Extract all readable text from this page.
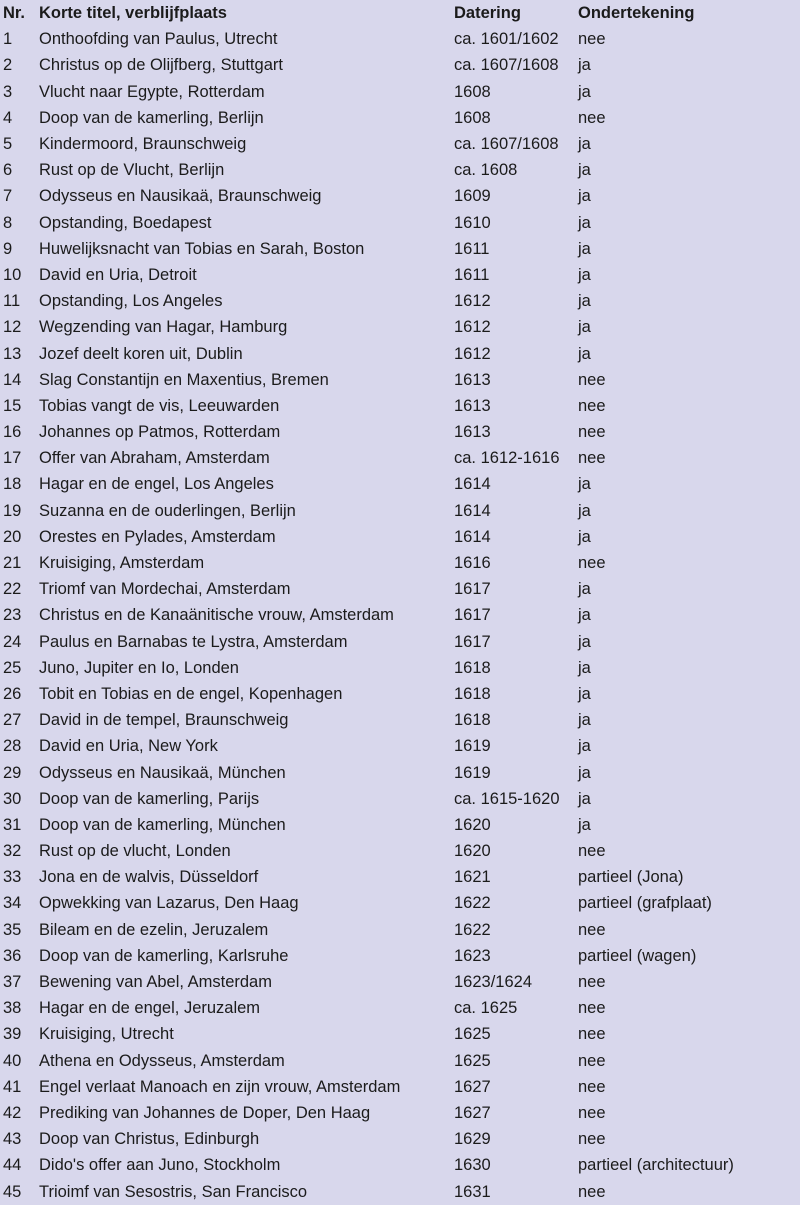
Nr.	Korte titel, verblijfplaats	Datering	Ondertekening
1	Onthoofding van Paulus, Utrecht	ca. 1601/1602	nee
2	Christus op de Olijfberg, Stuttgart	ca. 1607/1608	ja
3	Vlucht naar Egypte, Rotterdam	1608	ja
4	Doop van de kamerling, Berlijn	1608	nee
5	Kindermoord, Braunschweig	ca. 1607/1608	ja
6	Rust op de Vlucht, Berlijn	ca. 1608	ja
7	Odysseus en Nausikaä, Braunschweig	1609	ja
8	Opstanding, Boedapest	1610	ja
9	Huwelijksnacht van Tobias en Sarah, Boston	1611	ja
10	David en Uria, Detroit	1611	ja
11	Opstanding, Los Angeles	1612	ja
12	Wegzending van Hagar, Hamburg	1612	ja
13	Jozef deelt koren uit, Dublin	1612	ja
14	Slag Constantijn en Maxentius, Bremen	1613	nee
15	Tobias vangt de vis, Leeuwarden	1613	nee
16	Johannes op Patmos, Rotterdam	1613	nee
17	Offer van Abraham, Amsterdam	ca. 1612-1616	nee
18	Hagar en de engel, Los Angeles	1614	ja
19	Suzanna en de ouderlingen, Berlijn	1614	ja
20	Orestes en Pylades, Amsterdam	1614	ja
21	Kruisiging, Amsterdam	1616	nee
22	Triomf van Mordechai, Amsterdam	1617	ja
23	Christus en de Kanaänitische vrouw, Amsterdam	1617	ja
24	Paulus en Barnabas te Lystra, Amsterdam	1617	ja
25	Juno, Jupiter en Io, Londen	1618	ja
26	Tobit en Tobias en de engel, Kopenhagen	1618	ja
27	David in de tempel, Braunschweig	1618	ja
28	David en Uria, New York	1619	ja
29	Odysseus en Nausikaä, München	1619	ja
30	Doop van de kamerling, Parijs	ca. 1615-1620	ja
31	Doop van de kamerling, München	1620	ja
32	Rust op de vlucht, Londen	1620	nee
33	Jona en de walvis, Düsseldorf	1621	partieel (Jona)
34	Opwekking van Lazarus, Den Haag	1622	partieel (grafplaat)
35	Bileam en de ezelin, Jeruzalem	1622	nee
36	Doop van de kamerling, Karlsruhe	1623	partieel (wagen)
37	Bewening van Abel, Amsterdam	1623/1624	nee
38	Hagar en de engel, Jeruzalem	ca. 1625	nee
39	Kruisiging, Utrecht	1625	nee
40	Athena en Odysseus, Amsterdam	1625	nee
41	Engel verlaat Manoach en zijn vrouw, Amsterdam	1627	nee
42	Prediking van Johannes de Doper, Den Haag	1627	nee
43	Doop van Christus, Edinburgh	1629	nee
44	Dido's offer aan Juno, Stockholm	1630	partieel (architectuur)
45	Trioimf van Sesostris, San Francisco	1631	nee
